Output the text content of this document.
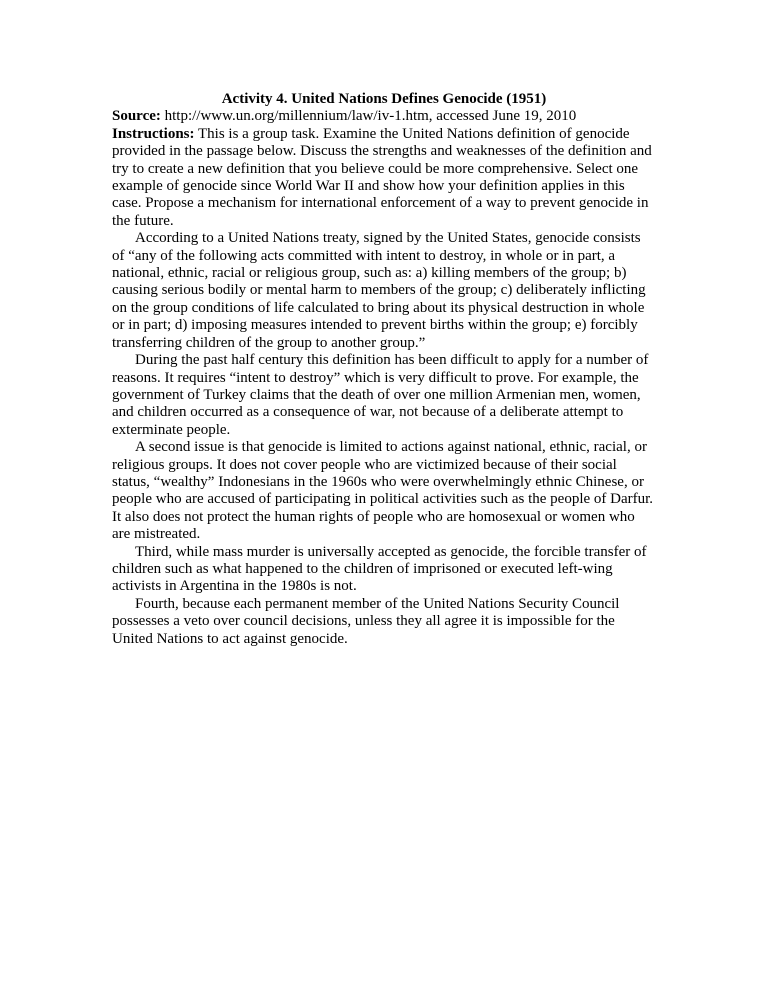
Activity 4. United Nations Defines Genocide (1951)

Source: http://www.un.org/millennium/law/iv-1.htm, accessed June 19, 2010

Instructions: This is a group task. Examine the United Nations definition of genocide provided in the passage below. Discuss the strengths and weaknesses of the definition and try to create a new definition that you believe could be more comprehensive. Select one example of genocide since World War II and show how your definition applies in this case. Propose a mechanism for international enforcement of a way to prevent genocide in the future.

According to a United Nations treaty, signed by the United States, genocide consists of “any of the following acts committed with intent to destroy, in whole or in part, a national, ethnic, racial or religious group, such as: a) killing members of the group; b) causing serious bodily or mental harm to members of the group; c) deliberately inflicting on the group conditions of life calculated to bring about its physical destruction in whole or in part; d) imposing measures intended to prevent births within the group; e) forcibly transferring children of the group to another group.”

During the past half century this definition has been difficult to apply for a number of reasons. It requires “intent to destroy” which is very difficult to prove. For example, the government of Turkey claims that the death of over one million Armenian men, women, and children occurred as a consequence of war, not because of a deliberate attempt to exterminate people.

A second issue is that genocide is limited to actions against national, ethnic, racial, or religious groups. It does not cover people who are victimized because of their social status, “wealthy” Indonesians in the 1960s who were overwhelmingly ethnic Chinese, or people who are accused of participating in political activities such as the people of Darfur. It also does not protect the human rights of people who are homosexual or women who are mistreated.

Third, while mass murder is universally accepted as genocide, the forcible transfer of children such as what happened to the children of imprisoned or executed left-wing activists in Argentina in the 1980s is not.

Fourth, because each permanent member of the United Nations Security Council possesses a veto over council decisions, unless they all agree it is impossible for the United Nations to act against genocide.
